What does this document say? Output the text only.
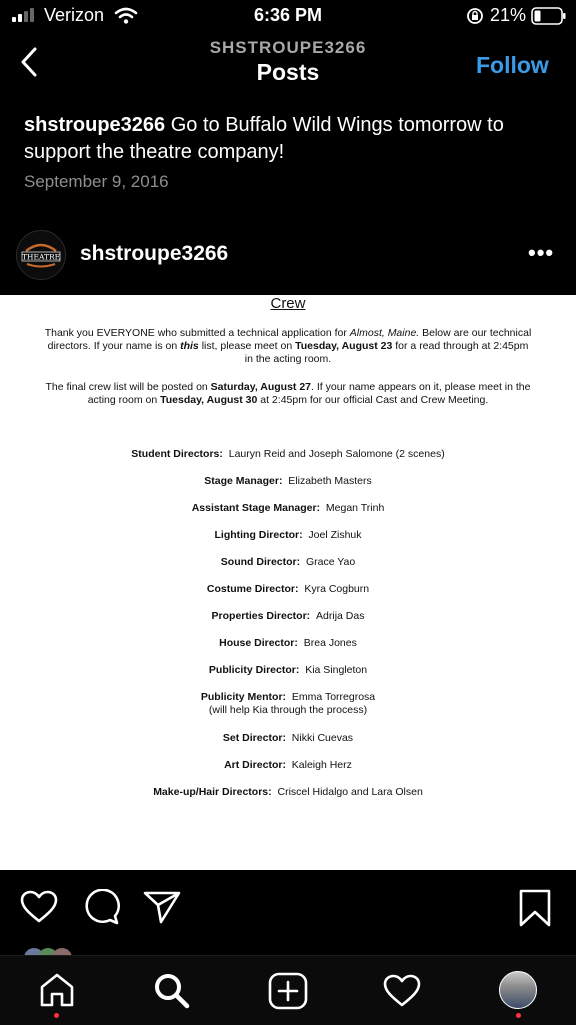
Verizon	6:36 PM	21%
SHSTROUPE3266
Posts	Follow
shstroupe3266 Go to Buffalo Wild Wings tomorrow to support the theatre company!
September 9, 2016
THEATRE shstroupe3266	•••
Crew
Thank you EVERYONE who submitted a technical application for Almost, Maine. Below are our technical directors. If your name is on this list, please meet on Tuesday, August 23 for a read through at 2:45pm in the acting room.
The final crew list will be posted on Saturday, August 27. If your name appears on it, please meet in the acting room on Tuesday, August 30 at 2:45pm for our official Cast and Crew Meeting.
Student Directors: Lauryn Reid and Joseph Salomone (2 scenes)
Stage Manager: Elizabeth Masters
Assistant Stage Manager: Megan Trinh
Lighting Director: Joel Zishuk
Sound Director: Grace Yao
Costume Director: Kyra Cogburn
Properties Director: Adrija Das
House Director: Brea Jones
Publicity Director: Kia Singleton
Publicity Mentor: Emma Torregrosa
(will help Kia through the process)
Set Director: Nikki Cuevas
Art Director: Kaleigh Herz
Make-up/Hair Directors: Criscel Hidalgo and Lara Olsen
